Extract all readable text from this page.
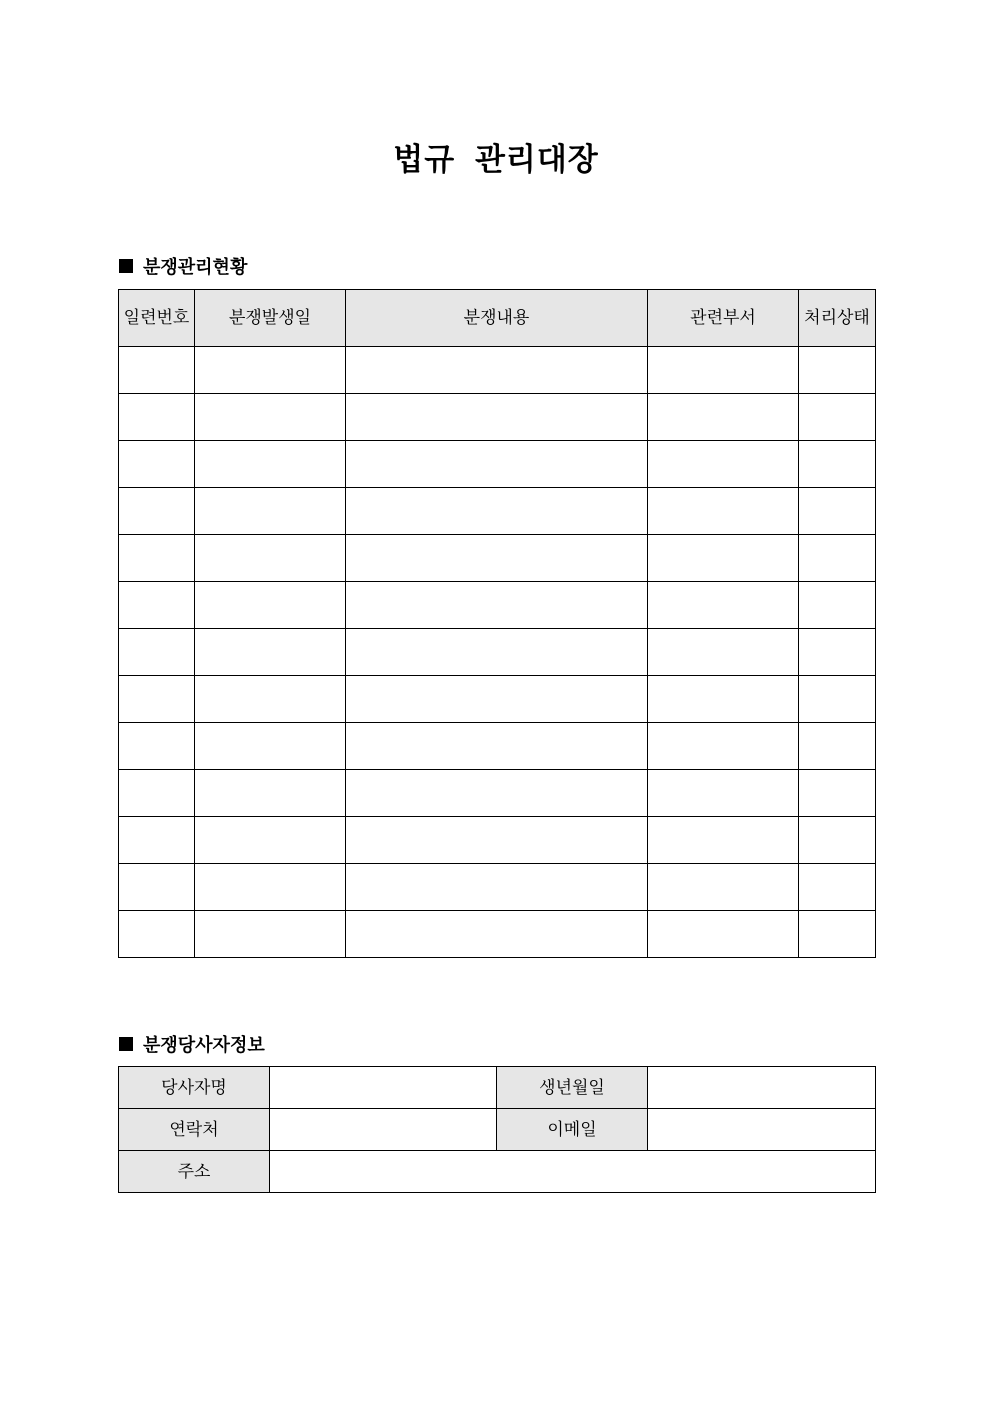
법규 관리대장
분쟁관리현황
일련번호	분쟁발생일	분쟁내용	관련부서	처리상태

분쟁당사자정보
당사자명		생년월일	
연락처		이메일	
주소			
